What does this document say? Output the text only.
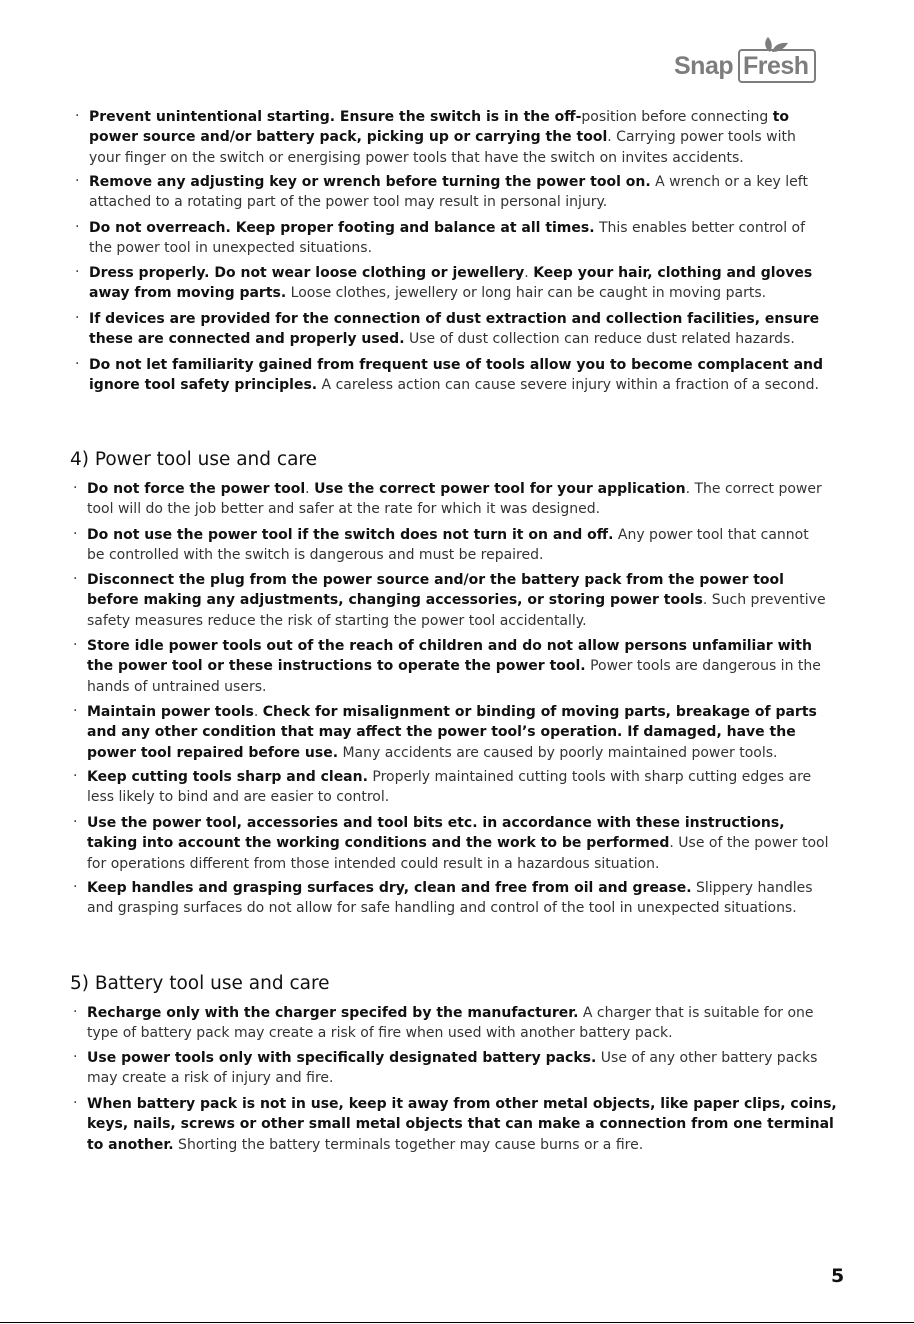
Snap Fresh

· Prevent unintentional starting. Ensure the switch is in the off-position before connecting to power source and/or battery pack, picking up or carrying the tool. Carrying power tools with your finger on the switch or energising power tools that have the switch on invites accidents.

· Remove any adjusting key or wrench before turning the power tool on. A wrench or a key left attached to a rotating part of the power tool may result in personal injury.

· Do not overreach. Keep proper footing and balance at all times. This enables better control of the power tool in unexpected situations.

· Dress properly. Do not wear loose clothing or jewellery. Keep your hair, clothing and gloves away from moving parts. Loose clothes, jewellery or long hair can be caught in moving parts.

· If devices are provided for the connection of dust extraction and collection facilities, ensure these are connected and properly used. Use of dust collection can reduce dust related hazards.

· Do not let familiarity gained from frequent use of tools allow you to become complacent and ignore tool safety principles. A careless action can cause severe injury within a fraction of a second.

4) Power tool use and care

· Do not force the power tool. Use the correct power tool for your application. The correct power tool will do the job better and safer at the rate for which it was designed.

· Do not use the power tool if the switch does not turn it on and off. Any power tool that cannot be controlled with the switch is dangerous and must be repaired.

· Disconnect the plug from the power source and/or the battery pack from the power tool before making any adjustments, changing accessories, or storing power tools. Such preventive safety measures reduce the risk of starting the power tool accidentally.

· Store idle power tools out of the reach of children and do not allow persons unfamiliar with the power tool or these instructions to operate the power tool. Power tools are dangerous in the hands of untrained users.

· Maintain power tools. Check for misalignment or binding of moving parts, breakage of parts and any other condition that may affect the power tool’s operation. If damaged, have the power tool repaired before use. Many accidents are caused by poorly maintained power tools.

· Keep cutting tools sharp and clean. Properly maintained cutting tools with sharp cutting edges are less likely to bind and are easier to control.

· Use the power tool, accessories and tool bits etc. in accordance with these instructions, taking into account the working conditions and the work to be performed. Use of the power tool for operations different from those intended could result in a hazardous situation.

· Keep handles and grasping surfaces dry, clean and free from oil and grease. Slippery handles and grasping surfaces do not allow for safe handling and control of the tool in unexpected situations.

5) Battery tool use and care

· Recharge only with the charger specifed by the manufacturer. A charger that is suitable for one type of battery pack may create a risk of fire when used with another battery pack.

· Use power tools only with specifically designated battery packs. Use of any other battery packs may create a risk of injury and fire.

· When battery pack is not in use, keep it away from other metal objects, like paper clips, coins, keys, nails, screws or other small metal objects that can make a connection from one terminal to another. Shorting the battery terminals together may cause burns or a fire.

5
